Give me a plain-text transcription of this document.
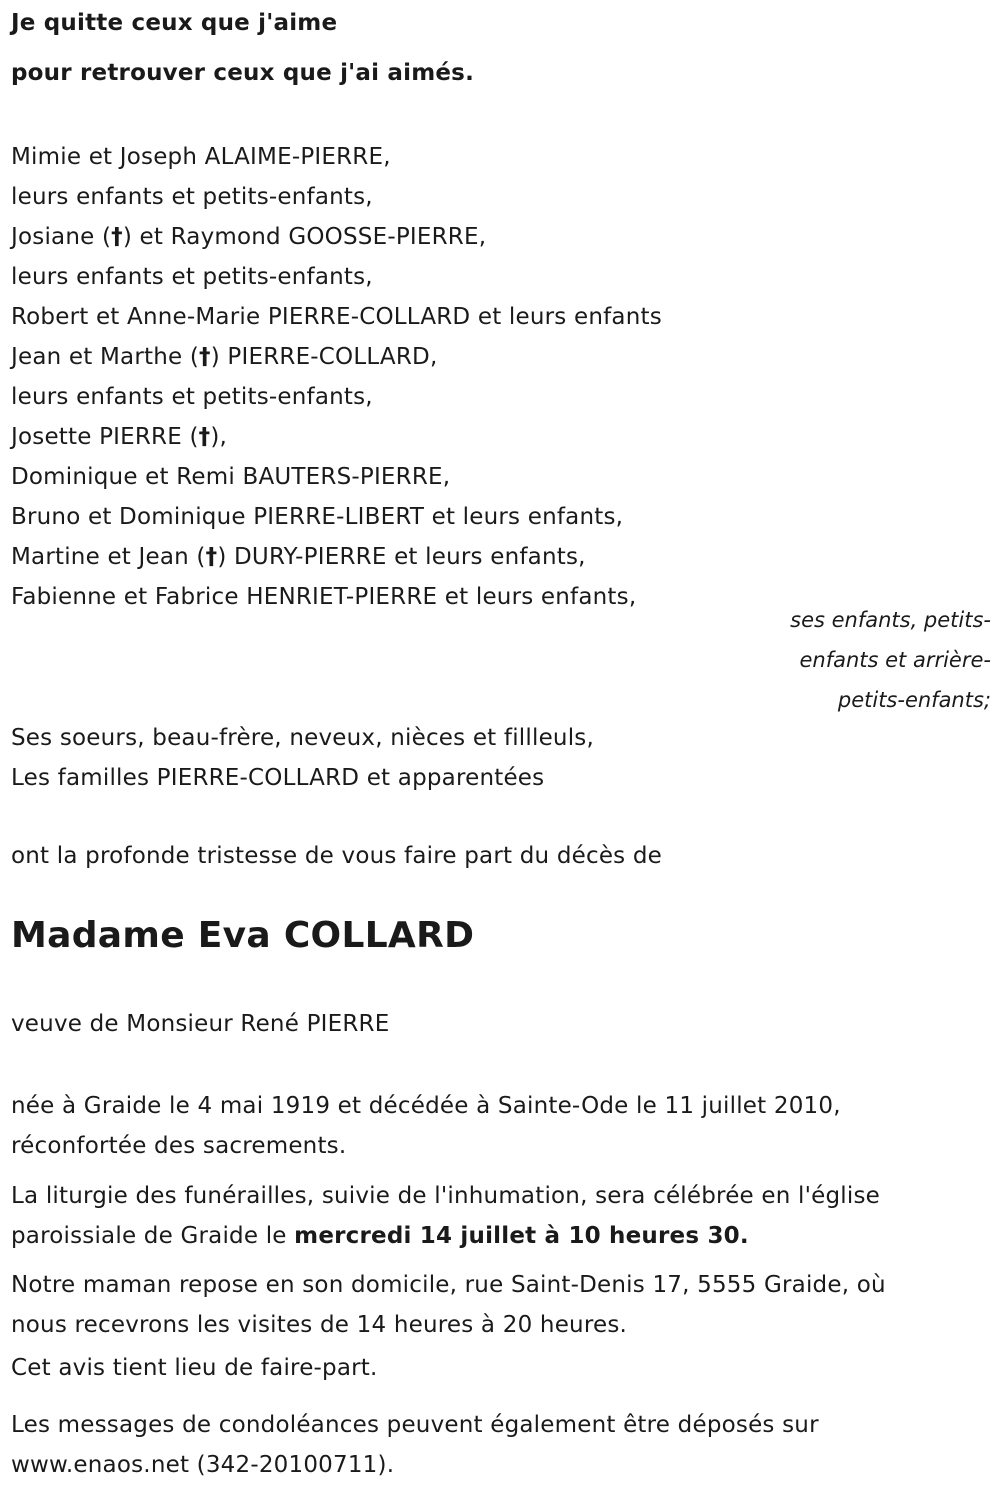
Je quitte ceux que j'aime
pour retrouver ceux que j'ai aimés.
Mimie et Joseph ALAIME-PIERRE,
leurs enfants et petits-enfants,
Josiane (†) et Raymond GOOSSE-PIERRE,
leurs enfants et petits-enfants,
Robert et Anne-Marie PIERRE-COLLARD et leurs enfants
Jean et Marthe (†) PIERRE-COLLARD,
leurs enfants et petits-enfants,
Josette PIERRE (†),
Dominique et Remi BAUTERS-PIERRE,
Bruno et Dominique PIERRE-LIBERT et leurs enfants,
Martine et Jean (†) DURY-PIERRE et leurs enfants,
Fabienne et Fabrice HENRIET-PIERRE et leurs enfants,
ses enfants, petits-
enfants et arrière-
petits-enfants;
Ses soeurs, beau-frère, neveux, nièces et fillleuls,
Les familles PIERRE-COLLARD et apparentées
ont la profonde tristesse de vous faire part du décès de
Madame Eva COLLARD
veuve de Monsieur René PIERRE
née à Graide le 4 mai 1919 et décédée à Sainte-Ode le 11 juillet 2010,
réconfortée des sacrements.
La liturgie des funérailles, suivie de l'inhumation, sera célébrée en l'église
paroissiale de Graide le mercredi 14 juillet à 10 heures 30.
Notre maman repose en son domicile, rue Saint-Denis 17, 5555 Graide, où
nous recevrons les visites de 14 heures à 20 heures.
Cet avis tient lieu de faire-part.
Les messages de condoléances peuvent également être déposés sur
www.enaos.net (342-20100711).
